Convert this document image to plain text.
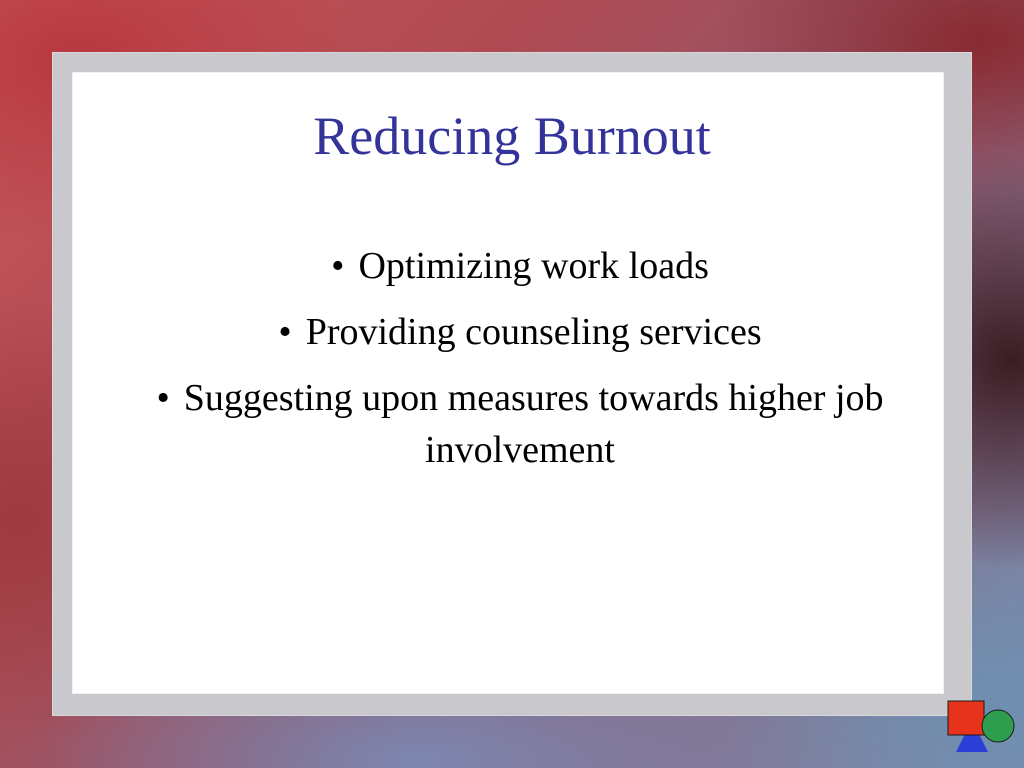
Reducing Burnout
• Optimizing work loads
• Providing counseling services
• Suggesting upon measures towards higher job involvement
